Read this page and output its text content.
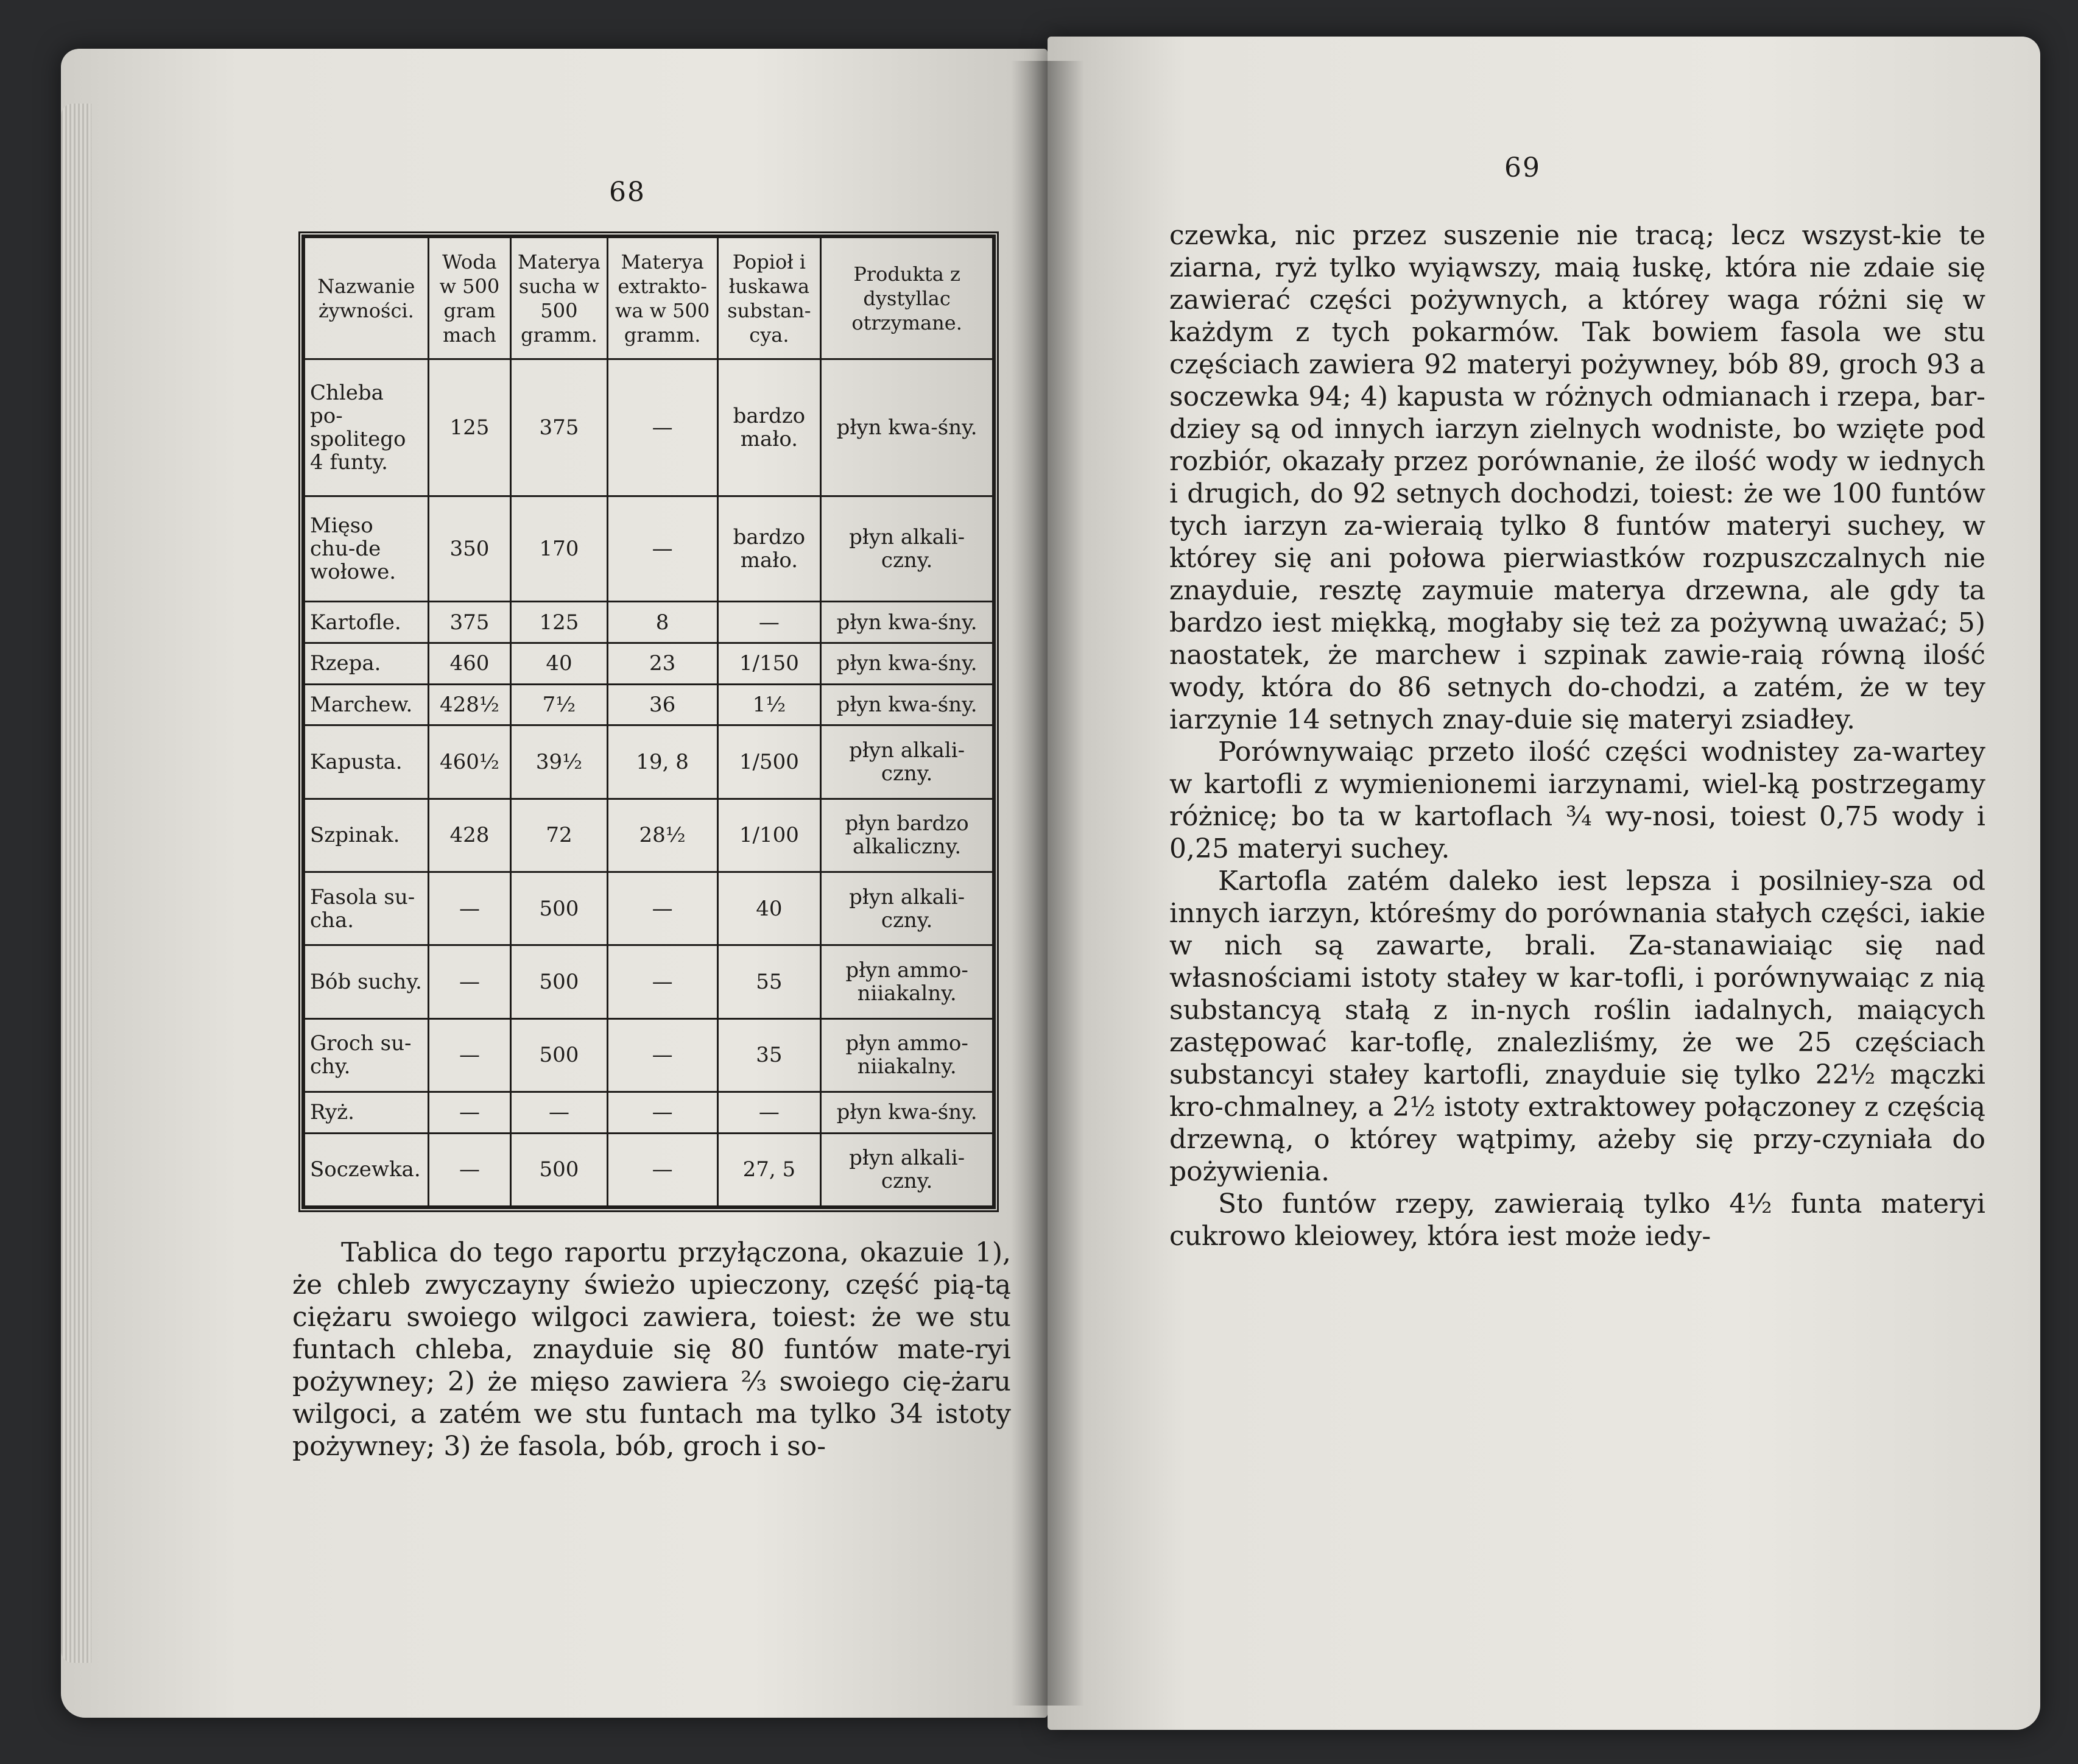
68
Nazwanie żywności.	Woda w 500 gram mach	Materya sucha w 500 gramm.	Materya extrakto-wa w 500 gramm.	Popioł i łuskawa substan-cya.	Produkta z dystyllac otrzymane.
Chleba po-spolitego 4 funty.	125	375	—	bardzo mało.	płyn kwa-śny.
Mięso chu-de wołowe.	350	170	—	bardzo mało.	płyn alkali-czny.
Kartofle.	375	125	8	—	płyn kwa-śny.
Rzepa.	460	40	23	1/150	płyn kwa-śny.
Marchew.	428½	7½	36	1½	płyn kwa-śny.
Kapusta.	460½	39½	19, 8	1/500	płyn alkali-czny.
Szpinak.	428	72	28½	1/100	płyn bardzo alkaliczny.
Fasola su-cha.	—	500	—	40	płyn alkali-czny.
Bób suchy.	—	500	—	55	płyn ammo-niiakalny.
Groch su-chy.	—	500	—	35	płyn ammo-niiakalny.
Ryż.	—	—	—	—	płyn kwa-śny.
Soczewka.	—	500	—	27, 5	płyn alkali-czny.

Tablica do tego raportu przyłączona, okazuie 1), że chleb zwyczayny świeżo upieczony, część pią-tą ciężaru swoiego wilgoci zawiera, toiest: że we stu funtach chleba, znayduie się 80 funtów mate-ryi pożywney; 2) że mięso zawiera ⅔ swoiego cię-żaru wilgoci, a zatém we stu funtach ma tylko 34 istoty pożywney; 3) że fasola, bób, groch i so-

69

czewka, nic przez suszenie nie tracą; lecz wszyst-kie te ziarna, ryż tylko wyiąwszy, maią łuskę, która nie zdaie się zawierać części pożywnych, a którey waga różni się w każdym z tych pokarmów. Tak bowiem fasola we stu częściach zawiera 92 materyi pożywney, bób 89, groch 93 a soczewka 94; 4) kapusta w różnych odmianach i rzepa, bar-dziey są od innych iarzyn zielnych wodniste, bo wzięte pod rozbiór, okazały przez porównanie, że ilość wody w iednych i drugich, do 92 setnych dochodzi, toiest: że we 100 funtów tych iarzyn za-wieraią tylko 8 funtów materyi suchey, w którey się ani połowa pierwiastków rozpuszczalnych nie znayduie, resztę zaymuie materya drzewna, ale gdy ta bardzo iest miękką, mogłaby się też za pożywną uważać; 5) naostatek, że marchew i szpinak zawie-raią równą ilość wody, która do 86 setnych do-chodzi, a zatém, że w tey iarzynie 14 setnych znay-duie się materyi zsiadłey.

Porównywaiąc przeto ilość części wodnistey za-wartey w kartofli z wymienionemi iarzynami, wiel-ką postrzegamy różnicę; bo ta w kartoflach ¾ wy-nosi, toiest 0,75 wody i 0,25 materyi suchey.

Kartofla zatém daleko iest lepsza i posilniey-sza od innych iarzyn, któreśmy do porównania stałych części, iakie w nich są zawarte, brali. Za-stanawiaiąc się nad własnościami istoty stałey w kar-tofli, i porównywaiąc z nią substancyą stałą z in-nych roślin iadalnych, maiących zastępować kar-toflę, znalezliśmy, że we 25 częściach substancyi stałey kartofli, znayduie się tylko 22½ mączki kro-chmalney, a 2½ istoty extraktowey połączoney z częścią drzewną, o którey wątpimy, ażeby się przy-czyniała do pożywienia.

Sto funtów rzepy, zawieraią tylko 4½ funta materyi cukrowo kleiowey, która iest może iedy-
